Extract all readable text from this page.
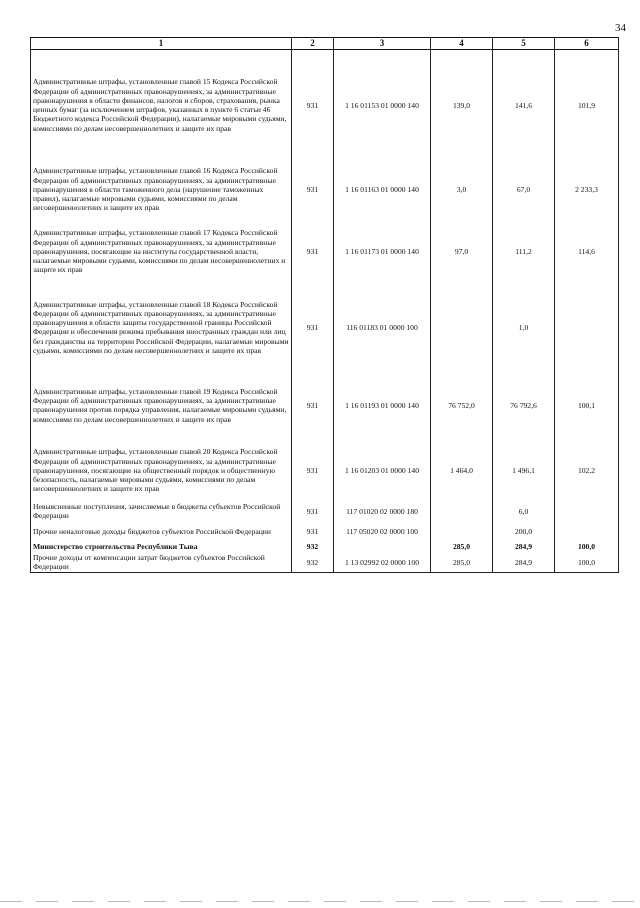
34
1	2	3	4	5	6
Административные штрафы, установленные главой 15 Кодекса Российской Федерации об административных правонарушениях, за административные правонарушения в области финансов, налогов и сборов, страхования, рынка ценных бумаг (за исключением штрафов, указанных в пункте 6 статьи 46 Бюджетного кодекса Российской Федерации), налагаемые мировыми судьями, комиссиями по делам несовершеннолетних и защите их прав	931	1 16 01153 01 0000 140	139,0	141,6	101,9
Административные штрафы, установленные главой 16 Кодекса Российской Федерации об административных правонарушениях, за административные правонарушения в области таможенного дела (нарушение таможенных правил), налагаемые мировыми судьями, комиссиями по делам несовершеннолетних и защите их прав	931	1 16 01163 01 0000 140	3,0	67,0	2 233,3
Административные штрафы, установленные главой 17 Кодекса Российской Федерации об административных правонарушениях, за административные правонарушения, посягающие на институты государственной власти, налагаемые мировыми судьями, комиссиями по делам несовершеннолетних и защите их прав	931	1 16 01173 01 0000 140	97,0	111,2	114,6
Административные штрафы, установленные главой 18 Кодекса Российской Федерации об административных правонарушениях, за административные правонарушения в области защиты государственной границы Российской Федерации и обеспечения режима пребывания иностранных граждан или лиц без гражданства на территории Российской Федерации, налагаемые мировыми судьями, комиссиями по делам несовершеннолетних и защите их прав	931	116 01183 01 0000 100		1,0	
Административные штрафы, установленные главой 19 Кодекса Российской Федерации об административных правонарушениях, за административные правонарушения против порядка управления, налагаемые мировыми судьями, комиссиями по делам несовершеннолетних и защите их прав	931	1 16 01193 01 0000 140	76 752,0	76 792,6	100,1
Административные штрафы, установленные главой 20 Кодекса Российской Федерации об административных правонарушениях, за административные правонарушения, посягающие на общественный порядок и общественную безопасность, налагаемые мировыми судьями, комиссиями по делам несовершеннолетних и защите их прав	931	1 16 01203 01 0000 140	1 464,0	1 496,1	102,2
Невыясненные поступления, зачисляемые в бюджеты субъектов Российской Федерации	931	117 01020 02 0000 180		6,0	
Прочие неналоговые доходы бюджетов субъектов Российской Федерации	931	117 05020 02 0000 100		200,0	
Министерство строительства Республики Тыва	932		285,0	284,9	100,0
Прочие доходы от компенсации затрат бюджетов субъектов Российской Федерации	932	1 13 02992 02 0000 100	285,0	284,9	100,0
